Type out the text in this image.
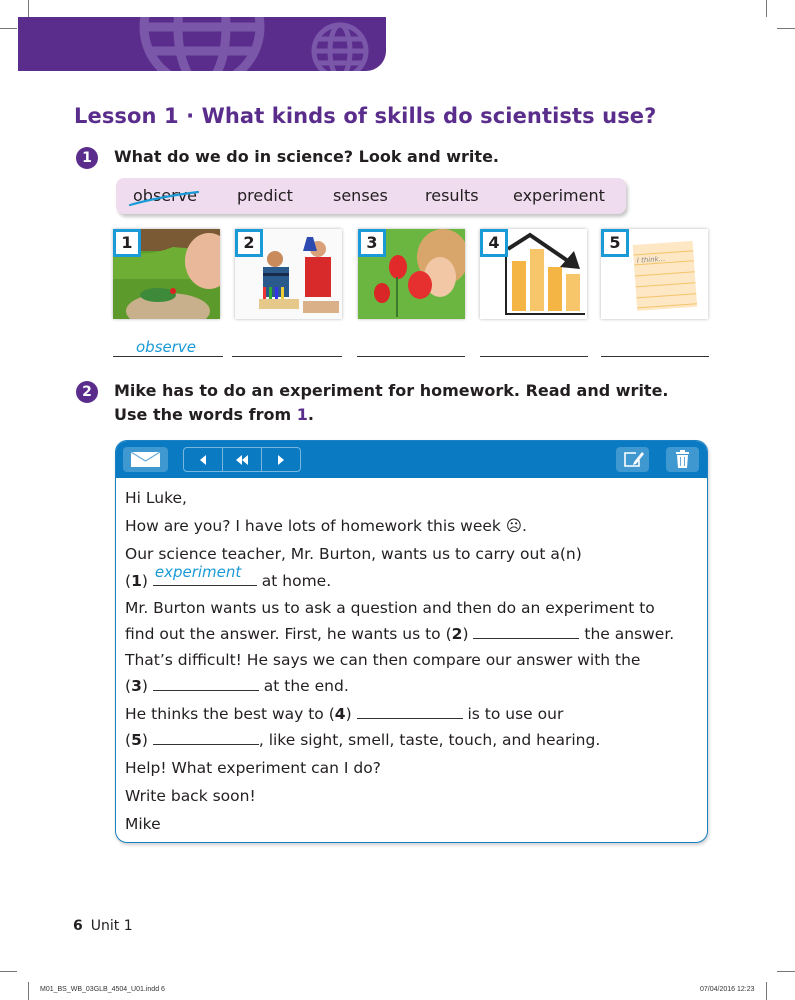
Lesson 1 · What kinds of skills do scientists use?
1	What do we do in science? Look and write.
observe predict	senses results experiment
1	2	3	4	5
I think...
observe
2	Mike has to do an experiment for homework. Read and write.
Use the words from 1.
Hi Luke,
How are you? I have lots of homework this week ☹.
Our science teacher, Mr. Burton, wants us to carry out a(n)
(1) experiment at home.
Mr. Burton wants us to ask a question and then do an experiment to
find out the answer. First, he wants us to (2)	the answer.
That’s difficult! He says we can then compare our answer with the
(3)	at the end.
He thinks the best way to (4)	is to use our
(5)	, like sight, smell, taste, touch, and hearing.
Help! What experiment can I do?
Write back soon!
Mike
6 Unit 1
M01_BS_WB_03GLB_4504_U01.indd 6	07/04/2016 12:23
